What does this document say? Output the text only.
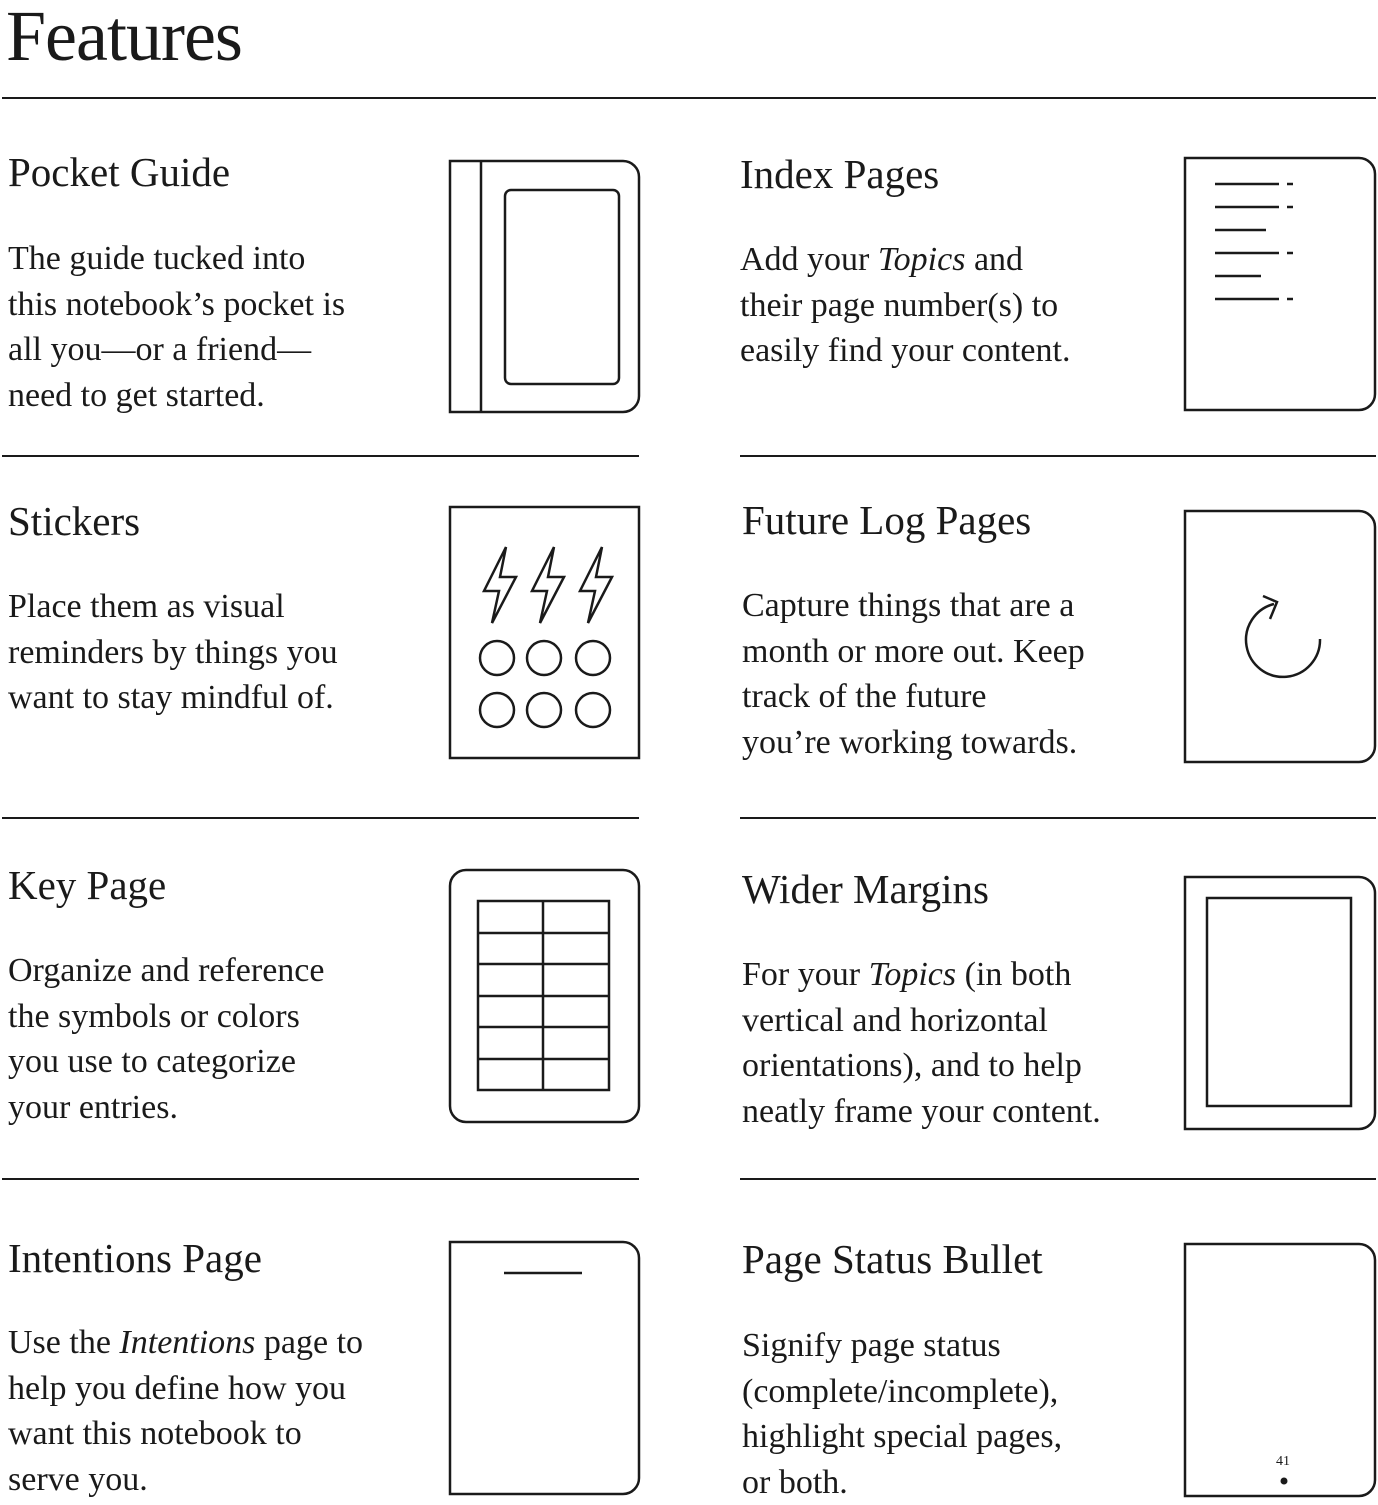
Features
Pocket Guide

The guide tucked into
this notebook’s pocket is
all you—or a friend—
need to get started.

Index Pages

Add your Topics and
their page number(s) to
easily find your content.

Stickers

Place them as visual
reminders by things you
want to stay mindful of.

Future Log Pages

Capture things that are a
month or more out. Keep
track of the future
you’re working towards.

Key Page

Organize and reference
the symbols or colors
you use to categorize
your entries.

Wider Margins

For your Topics (in both
vertical and horizontal
orientations), and to help
neatly frame your content.

Intentions Page

Use the Intentions page to
help you define how you
want this notebook to
serve you.

Page Status Bullet

Signify page status
(complete/incomplete),
highlight special pages,
or both.

41
